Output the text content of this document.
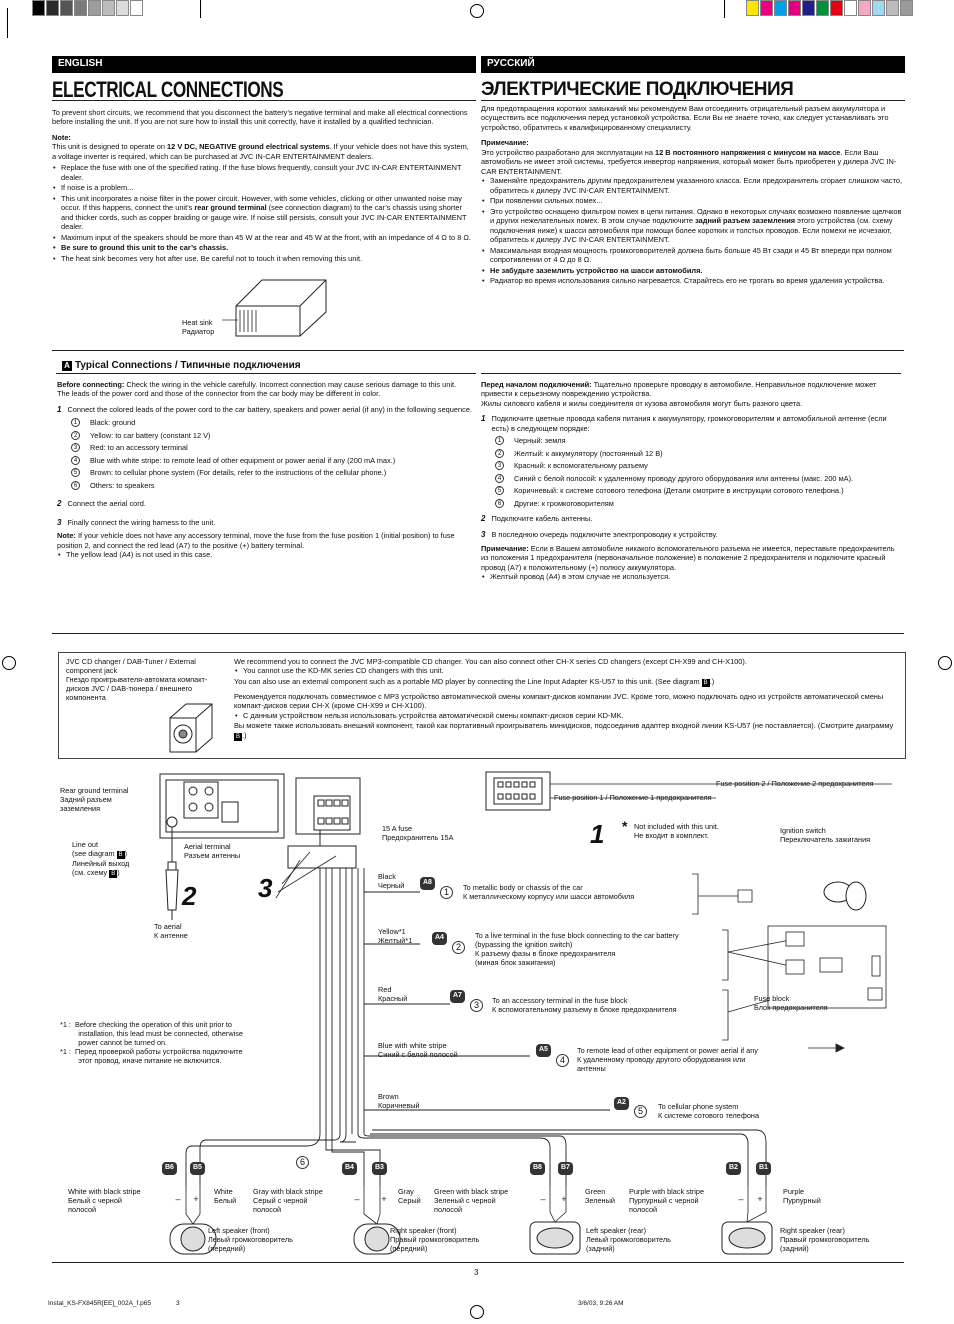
ENGLISH	РУССКИЙ
ELECTRICAL CONNECTIONS	ЭЛЕКТРИЧЕСКИЕ ПОДКЛЮЧЕНИЯ

To prevent short circuits, we recommend that you disconnect the battery’s negative terminal and make all electrical connections before installing the unit. If you are not sure how to install this unit correctly, have it installed by a qualified technician.

Note:

This unit is designed to operate on 12 V DC, NEGATIVE ground electrical systems. If your vehicle does not have this system, a voltage inverter is required, which can be purchased at JVC IN-CAR ENTERTAINMENT dealers.

• Replace the fuse with one of the specified rating. If the fuse blows frequently, consult your JVC IN-CAR ENTERTAINMENT dealer.
• If noise is a problem...
• This unit incorporates a noise filter in the power circuit. However, with some vehicles, clicking or other unwanted noise may occur. If this happens, connect the unit’s rear ground terminal (see connection diagram) to the car’s chassis using shorter and thicker cords, such as copper braiding or gauge wire. If noise still persists, consult your JVC IN-CAR ENTERTAINMENT dealer.
• Maximum input of the speakers should be more than 45 W at the rear and 45 W at the front, with an impedance of 4 Ω to 8 Ω.
• Be sure to ground this unit to the car’s chassis.
• The heat sink becomes very hot after use. Be careful not to touch it when removing this unit.

Для предотвращения коротких замыканий мы рекомендуем Вам отсоединить отрицательный разъем аккумулятора и осуществить все подключения перед установкой устройства. Если Вы не знаете точно, как следует устанавливать это устройство, обратитесь к квалифицированному специалисту.

Примечание:

Это устройство разработано для эксплуатации на 12 В постоянного напряжения с минусом на массе. Если Ваш автомобиль не имеет этой системы, требуется инвертор напряжения, который может быть приобретен у дилера JVC IN-CAR ENTERTAINMENT.

• Заменяйте предохранитель другим предохранителем указанного класса. Если предохранитель сгорает слишком часто, обратитесь к дилеру JVC IN-CAR ENTERTAINMENT.
• При появлении сильных помех...
• Это устройство оснащено фильтром помех в цепи питания. Однако в некоторых случаях возможно появление щелчков и других нежелательных помех. В этом случае подключите задний разъем заземления этого устройства (см. схему подключения ниже) к шасси автомобиля при помощи более коротких и толстых проводов. Если помехи не исчезают, обратитесь к дилеру JVC IN-CAR ENTERTAINMENT.
• Максимальная входная мощность громкоговорителей должна быть больше 45 Вт сзади и 45 Вт впереди при полном сопротивлении от 4 Ω до 8 Ω.
• Не забудьте заземлить устройство на шасси автомобиля.
• Радиатор во время использования сильно нагревается. Старайтесь его не трогать во время удаления устройства.
Heat sink
Радиатор
A Typical Connections / Типичные подключения
Before connecting: Check the wiring in the vehicle carefully. Incorrect connection may cause serious damage to this unit.
The leads of the power cord and those of the connector from the car body may be different in color.
1 Connect the colored leads of the power cord to the car battery, speakers and power aerial (if any) in the following sequence.
1	Black: ground
2	Yellow: to car battery (constant 12 V)
3	Red: to an accessory terminal
4	Blue with white stripe: to remote lead of other equipment or power aerial if any (200 mA max.)
5	Brown: to cellular phone system (For details, refer to the instructions of the cellular phone.)
6	Others: to speakers
2 Connect the aerial cord.
3 Finally connect the wiring harness to the unit.
Note: If your vehicle does not have any accessory terminal, move the fuse from the fuse position 1 (initial position) to fuse position 2, and connect the red lead (A7) to the positive (+) battery terminal.
• The yellow lead (A4) is not used in this case.
Перед началом подключений: Тщательно проверьте проводку в автомобиле. Неправильное подключение может привести к серьезному повреждению устройства.
Жилы силового кабеля и жилы соединителя от кузова автомобиля могут быть разного цвета.
1 Подключите цветные провода кабеля питания к аккумулятору, громкоговорителям и автомобильной антенне (если есть) в следующем порядке:
1	Черный: земля
2	Желтый: к аккумулятору (постоянный 12 В)
3	Красный: к вспомогательному разъему
4	Синий с белой полосой: к удаленному проводу другого оборудования или антенны (макс. 200 мА).
5	Коричневый: к системе сотового телефона (Детали смотрите в инструкции сотового телефона.)
6	Другие: к громкоговорителям
2 Подключите кабель антенны.
3 В последнюю очередь подключите электропроводку к устройству.
Примечание: Если в Вашем автомобиле никакого вспомогательного разъема не имеется, переставьте предохранитель из положения 1 предохранителя (первоначальное положение) в положение 2 предохранителя и подключите красный провод (A7) к положительному (+) полюсу аккумулятора.
• Желтый провод (A4) в этом случае не используется.
JVC CD changer / DAB-Tuner / External component jack
Гнездо проигрывателя-автомата компакт-дисков JVC / DAB-тюнера / внешнего компонента
We recommend you to connect the JVC MP3-compatible CD changer. You can also connect other CH-X series CD changers (except CH-X99 and CH-X100).
• You cannot use the KD-MK series CD changers with this unit.
You can also use an external component such as a portable MD player by connecting the Line Input Adapter KS-U57 to this unit. (See diagram B .)
Рекомендуется подключать совместимое с MP3 устройство автоматической смены компакт-дисков компании JVC. Кроме того, можно подключать одно из устройств автоматической смены компакт-дисков серии CH-X (кроме CH-X99 и CH-X100).
• С данным устройством нельзя использовать устройства автоматической смены компакт-дисков серии KD-MK.
Вы можете также использовать внешний компонент, такой как портативный проигрыватель минидисков, подсоединив адаптер входной линии KS-U57 (не поставляется). (Смотрите диаграмму B .)
– +	– +	– +	– +
Rear ground terminal
Задний разъем
заземления
Line out
(see diagram B )
Линейный выход
(см. схему B )
Aerial terminal
Разъем антенны
To aerial
К антенне
15 A fuse
Предохранитель 15A
Fuse position 2 / Положение 2 предохранителя
Fuse position 1 / Положение 1 предохранителя
* Not included with this unit.
Не входит в комплект.
Ignition switch
Переключатель зажигания
Fuse block
Блок предохранителя
*1 :  Before checking the operation of this unit prior to
installation, this lead must be connected, otherwise
power cannot be turned on.
*1 :  Перед проверкой работы устройства подключите
этот провод, иначе питание не включится.
1
2 3	Black
Черный	A8
1	To metallic body or chassis of the car
К металлическому корпусу или шасси автомобиля
Yellow*1
Желтый*1	A4
2
To a live terminal in the fuse block connecting to the car battery
(bypassing the ignition switch)
К разъему фазы в блоке предохранителя
(миная блок зажигания)
Red
Красный	A7
3	To an accessory terminal in the fuse block
К вспомогательному разъему в блоке предохранителя
Blue with white stripe
Синий с белой полосой
A5
4
To remote lead of other equipment or power aerial if any
К удаленному проводу другого оборудования или
антенны
Brown
Коричневый	A2
5	To cellular phone system
К системе сотового телефона
6
B6	B5	B4	B3	B8	B7	B2	B1
White with black stripe
Белый с черной
полосой
White
Белый
Gray with black stripe
Серый с черной
полосой
Gray
Серый
Green with black stripe
Зеленый с черной
полосой
Green
Зеленый
Purple with black stripe
Пурпурный с черной
полосой
Purple
Пурпурный
Left speaker (front)
Левый громкоговоритель
(передний)
Right speaker (front)
Правый громкоговоритель
(передний)
Left speaker (rear)
Левый громкоговоритель
(задний)
Right speaker (rear)
Правый громкоговоритель
(задний)
3
Instal_KS-FX845R[EE]_002A_f.p65	3	3/6/03, 9:26 AM
